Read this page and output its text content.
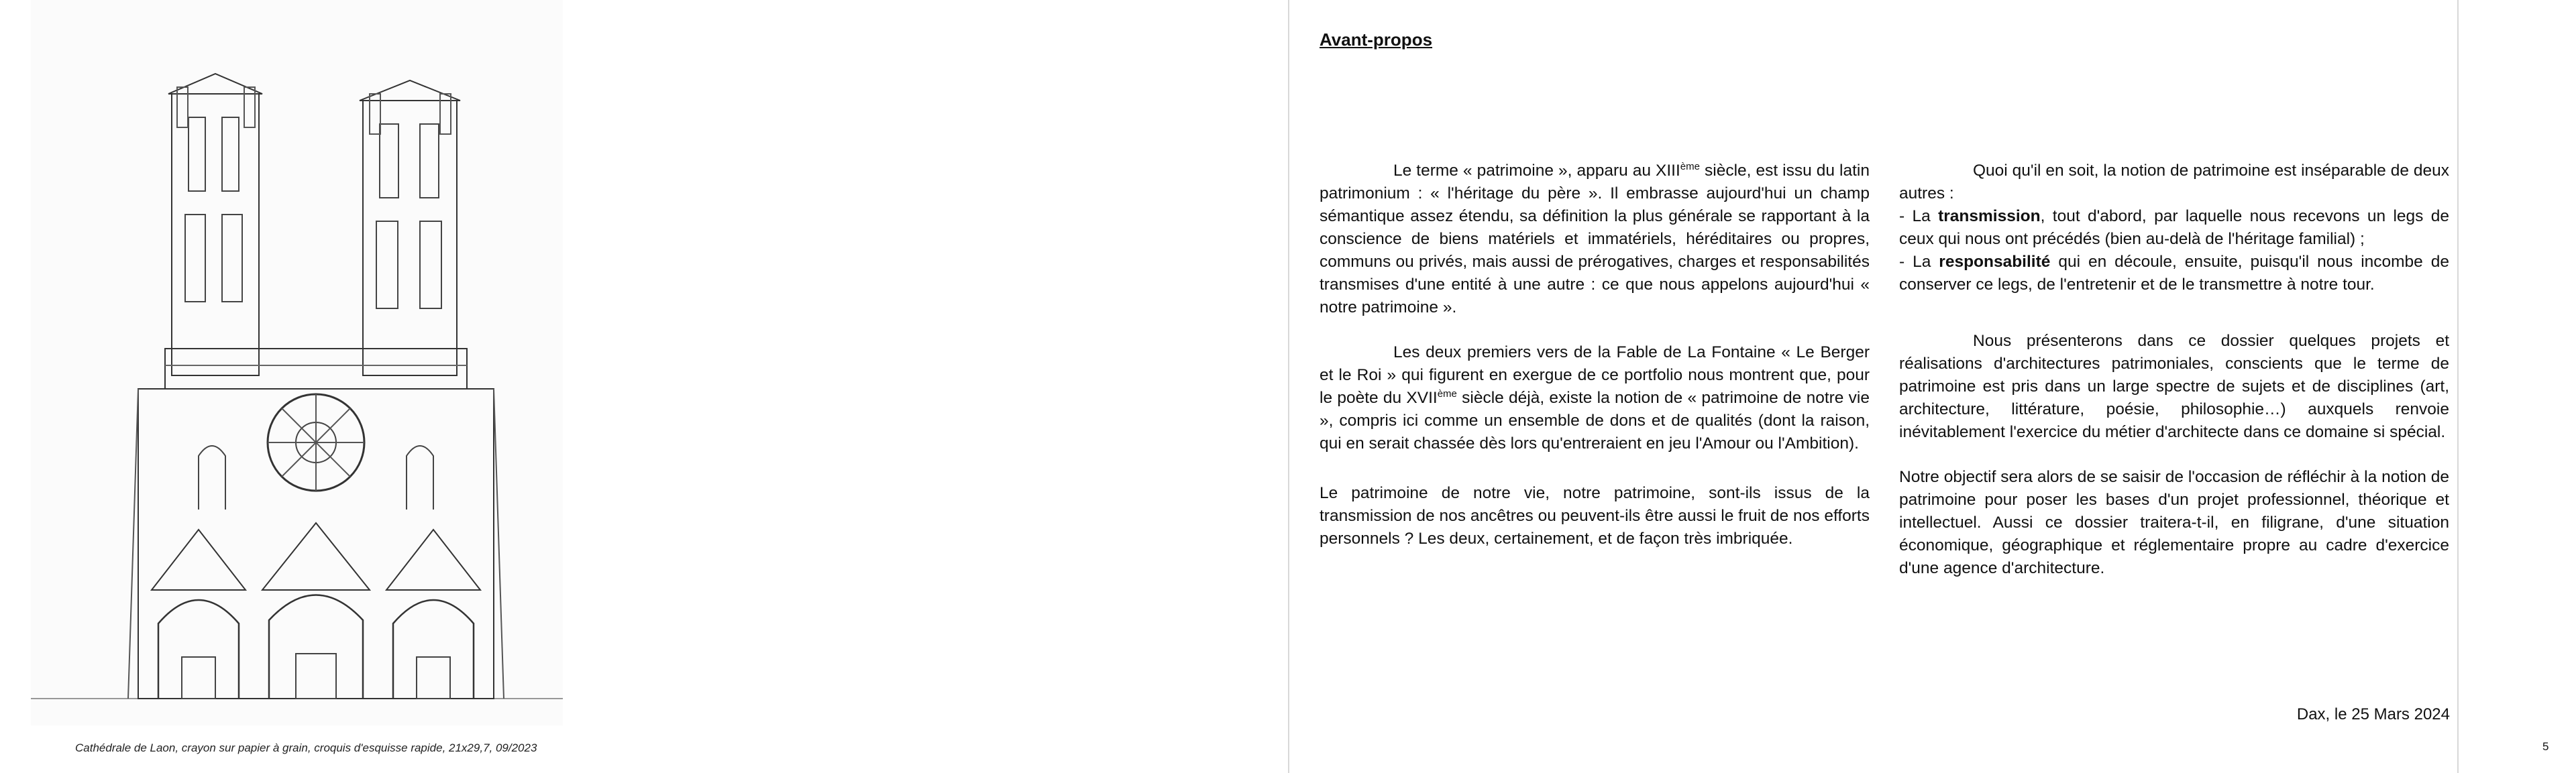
Cathédrale de Laon, crayon sur papier à grain, croquis d'esquisse rapide, 21x29,7, 09/2023
Avant-propos

Le terme « patrimoine », apparu au XIIIème siècle, est issu du latin patrimonium : « l'héritage du père ». Il embrasse aujourd'hui un champ sémantique assez étendu, sa définition la plus générale se rapportant à la conscience de biens matériels et immatériels, héréditaires ou propres, communs ou privés, mais aussi de prérogatives, charges et responsabilités transmises d'une entité à une autre : ce que nous appelons aujourd'hui « notre patrimoine ».

Les deux premiers vers de la Fable de La Fontaine « Le Berger et le Roi » qui figurent en exergue de ce portfolio nous montrent que, pour le poète du XVIIème siècle déjà, existe la notion de « patrimoine de notre vie », compris ici comme un ensemble de dons et de qualités (dont la raison, qui en serait chassée dès lors qu'entreraient en jeu l'Amour ou l'Ambition).

Le patrimoine de notre vie, notre patrimoine, sont-ils issus de la transmission de nos ancêtres ou peuvent-ils être aussi le fruit de nos efforts personnels ? Les deux, certainement, et de façon très imbriquée.

Quoi qu'il en soit, la notion de patrimoine est inséparable de deux autres :

- La transmission, tout d'abord, par laquelle nous recevons un legs de ceux qui nous ont précédés (bien au-delà de l'héritage familial) ;

- La responsabilité qui en découle, ensuite, puisqu'il nous incombe de conserver ce legs, de l'entretenir et de le transmettre à notre tour.

Nous présenterons dans ce dossier quelques projets et réalisations d'architectures patrimoniales, conscients que le terme de patrimoine est pris dans un large spectre de sujets et de disciplines (art, architecture, littérature, poésie, philosophie…) auxquels renvoie inévitablement l'exercice du métier d'architecte dans ce domaine si spécial.

Notre objectif sera alors de se saisir de l'occasion de réfléchir à la notion de patrimoine pour poser les bases d'un projet professionnel, théorique et intellectuel. Aussi ce dossier traitera-t-il, en filigrane, d'une situation économique, géographique et réglementaire propre au cadre d'exercice d'une agence d'architecture.

Dax, le 25 Mars 2024
5
